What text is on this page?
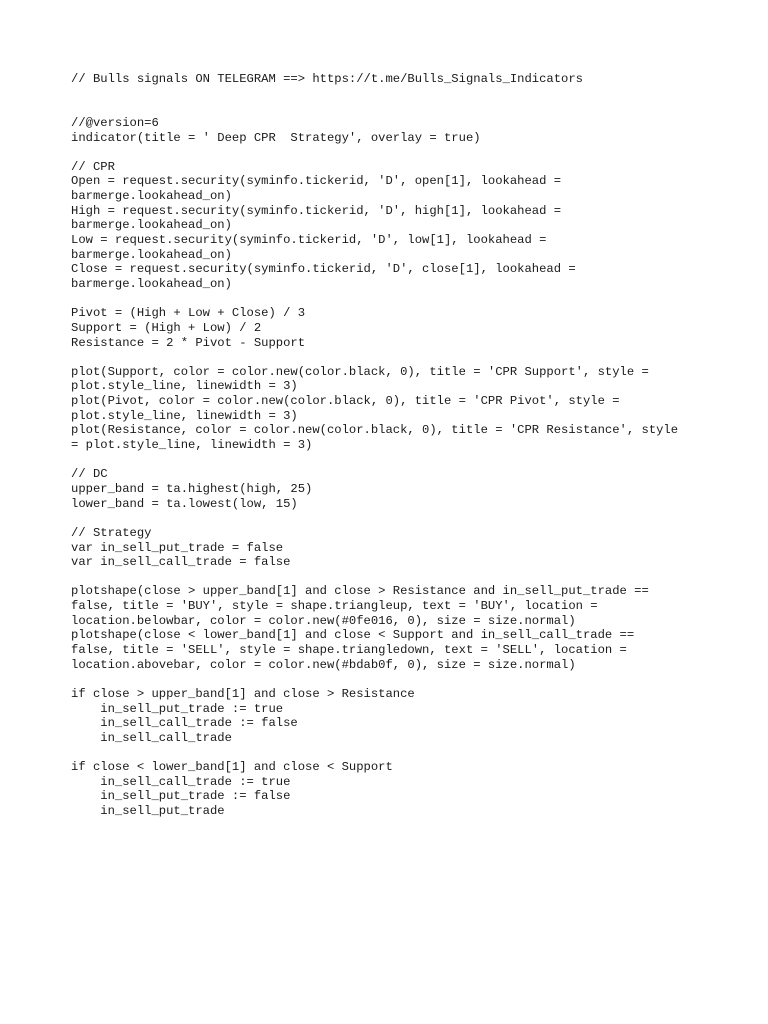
// Bulls signals ON TELEGRAM ==> https://t.me/Bulls_Signals_Indicators
//@version=6
indicator(title = ' Deep CPR  Strategy', overlay = true)
// CPR
Open = request.security(syminfo.tickerid, 'D', open[1], lookahead =
barmerge.lookahead_on)
High = request.security(syminfo.tickerid, 'D', high[1], lookahead =
barmerge.lookahead_on)
Low = request.security(syminfo.tickerid, 'D', low[1], lookahead =
barmerge.lookahead_on)
Close = request.security(syminfo.tickerid, 'D', close[1], lookahead =
barmerge.lookahead_on)
Pivot = (High + Low + Close) / 3
Support = (High + Low) / 2
Resistance = 2 * Pivot - Support
plot(Support, color = color.new(color.black, 0), title = 'CPR Support', style =
plot.style_line, linewidth = 3)
plot(Pivot, color = color.new(color.black, 0), title = 'CPR Pivot', style =
plot.style_line, linewidth = 3)
plot(Resistance, color = color.new(color.black, 0), title = 'CPR Resistance', style
= plot.style_line, linewidth = 3)
// DC
upper_band = ta.highest(high, 25)
lower_band = ta.lowest(low, 15)
// Strategy
var in_sell_put_trade = false
var in_sell_call_trade = false
plotshape(close > upper_band[1] and close > Resistance and in_sell_put_trade ==
false, title = 'BUY', style = shape.triangleup, text = 'BUY', location =
location.belowbar, color = color.new(#0fe016, 0), size = size.normal)
plotshape(close < lower_band[1] and close < Support and in_sell_call_trade ==
false, title = 'SELL', style = shape.triangledown, text = 'SELL', location =
location.abovebar, color = color.new(#bdab0f, 0), size = size.normal)
if close > upper_band[1] and close > Resistance
in_sell_put_trade := true
in_sell_call_trade := false
in_sell_call_trade
if close < lower_band[1] and close < Support
in_sell_call_trade := true
in_sell_put_trade := false
in_sell_put_trade
